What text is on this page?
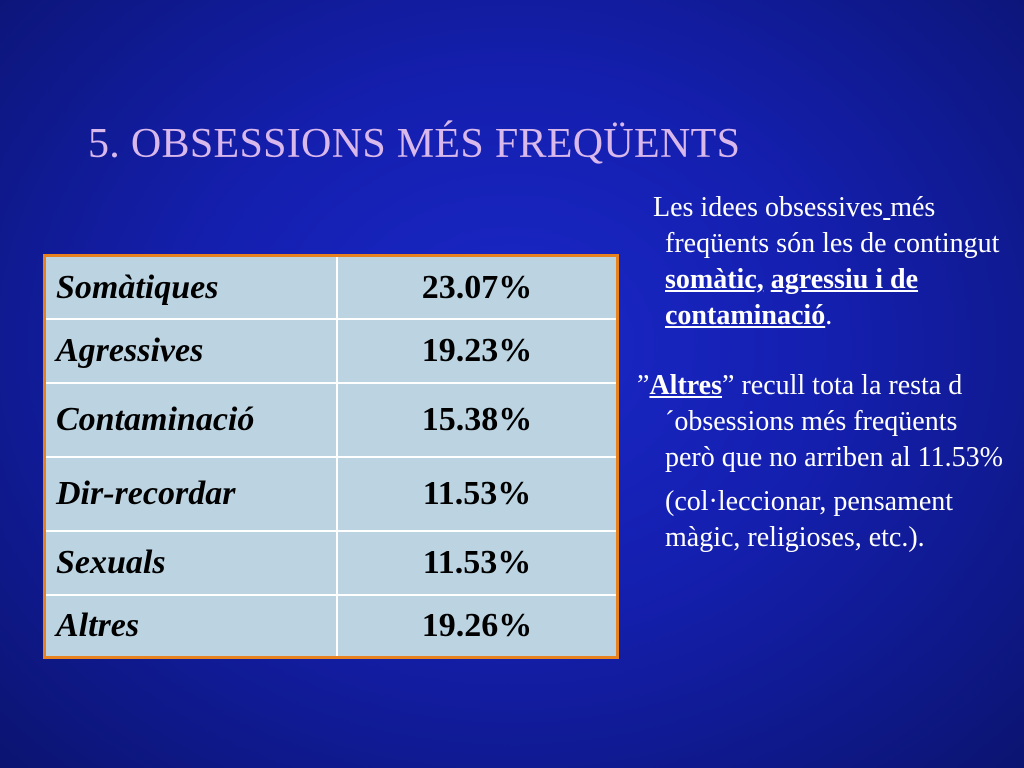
5. OBSESSIONS MÉS FREQÜENTS
Somàtiques	23.07%
Agressives	19.23%
Contaminació	15.38%
Dir-recordar	11.53%
Sexuals	11.53%
Altres	19.26%

Les idees obsessives més freqüents són les de contingut somàtic, agressiu i de contaminació.

”Altres” recull tota la resta d´obsessions més freqüents però que no arriben al 11.53%

(col·leccionar, pensament màgic, religioses, etc.).
